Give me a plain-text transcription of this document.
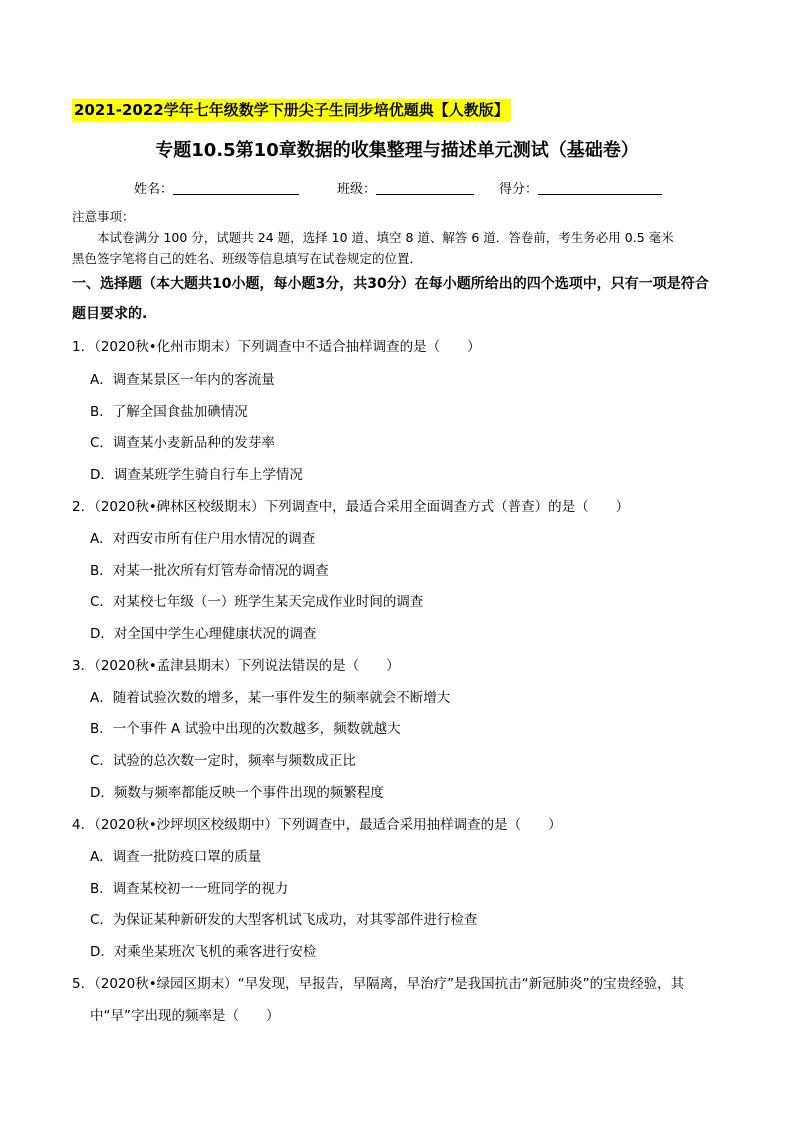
2021-2022学年七年级数学下册尖子生同步培优题典【人教版】
专题10.5第10章数据的收集整理与描述单元测试（基础卷）
姓名：	班级：	得分：
注意事项：
本试卷满分 100 分，试题共 24 题，选择 10 道、填空 8 道、解答 6 道．答卷前，考生务必用 0.5 毫米
黑色签字笔将自己的姓名、班级等信息填写在试卷规定的位置．
一、选择题（本大题共10小题，每小题3分，共30分）在每小题所给出的四个选项中，只有一项是符合
题目要求的.
1．（2020秋•化州市期末）下列调查中不适合抽样调查的是（　　）
A．调查某景区一年内的客流量
B．了解全国食盐加碘情况
C．调查某小麦新品种的发芽率
D．调查某班学生骑自行车上学情况
2．（2020秋•碑林区校级期末）下列调查中，最适合采用全面调查方式（普查）的是（　　）
A．对西安市所有住户用水情况的调查
B．对某一批次所有灯管寿命情况的调查
C．对某校七年级（一）班学生某天完成作业时间的调查
D．对全国中学生心理健康状况的调查
3．（2020秋•孟津县期末）下列说法错误的是（　　）
A．随着试验次数的增多，某一事件发生的频率就会不断增大
B．一个事件 A 试验中出现的次数越多，频数就越大
C．试验的总次数一定时，频率与频数成正比
D．频数与频率都能反映一个事件出现的频繁程度
4．（2020秋•沙坪坝区校级期中）下列调查中，最适合采用抽样调查的是（　　）
A．调查一批防疫口罩的质量
B．调查某校初一一班同学的视力
C．为保证某种新研发的大型客机试飞成功，对其零部件进行检查
D．对乘坐某班次飞机的乘客进行安检
5．（2020秋•绿园区期末）“早发现，早报告，早隔离，早治疗”是我国抗击“新冠肺炎”的宝贵经验，其
中“早”字出现的频率是（　　）
